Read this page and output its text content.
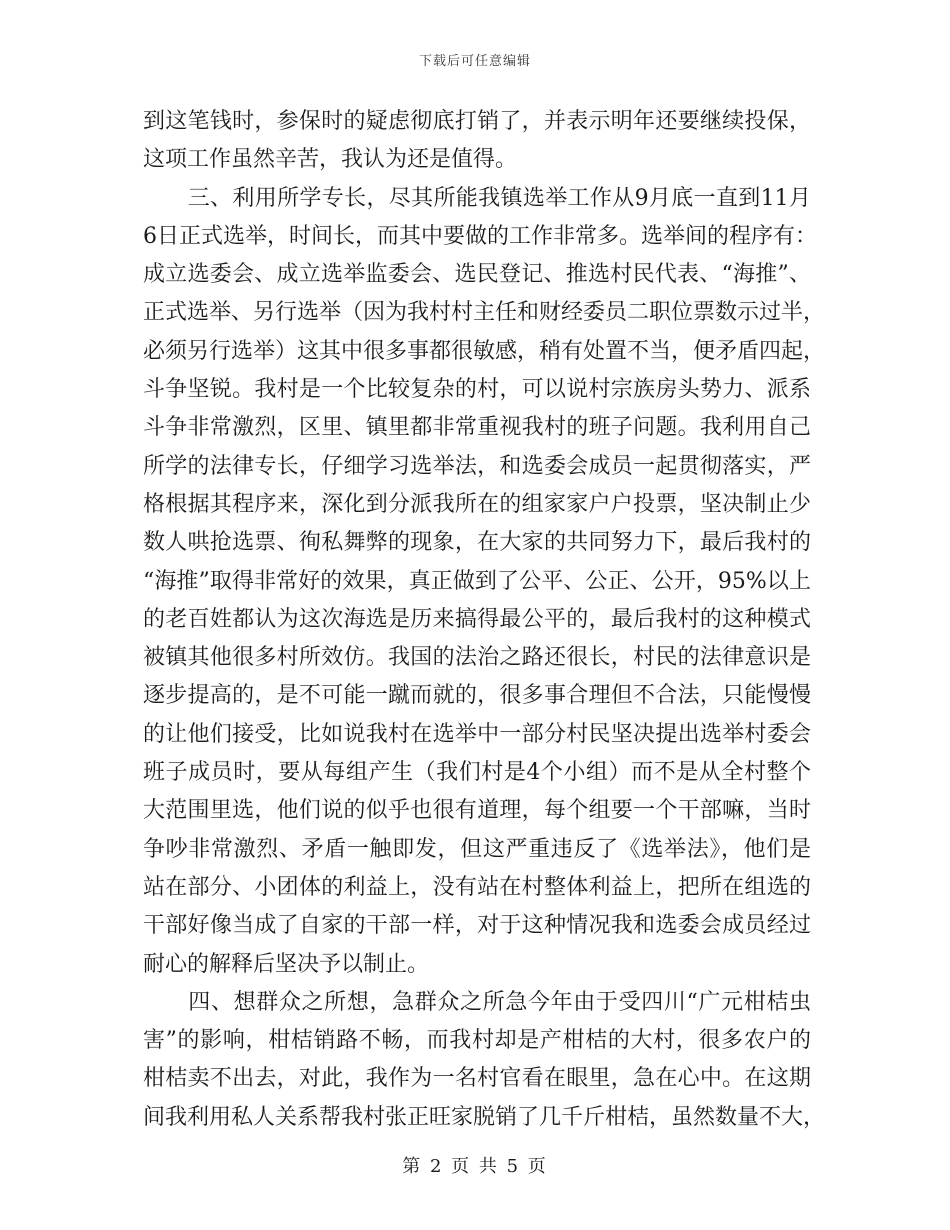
下载后可任意编辑
到这笔钱时，参保时的疑虑彻底打销了，并表示明年还要继续投保，
这项工作虽然辛苦，我认为还是值得。
　　三、利用所学专长，尽其所能我镇选举工作从9月底一直到11月
6日正式选举，时间长，而其中要做的工作非常多。选举间的程序有：
成立选委会、成立选举监委会、选民登记、推选村民代表、“海推”、
正式选举、另行选举（因为我村村主任和财经委员二职位票数示过半，
必须另行选举）这其中很多事都很敏感，稍有处置不当，便矛盾四起，
斗争坚锐。我村是一个比较复杂的村，可以说村宗族房头势力、派系
斗争非常激烈，区里、镇里都非常重视我村的班子问题。我利用自己
所学的法律专长，仔细学习选举法，和选委会成员一起贯彻落实，严
格根据其程序来，深化到分派我所在的组家家户户投票，坚决制止少
数人哄抢选票、徇私舞弊的现象，在大家的共同努力下，最后我村的
“海推”取得非常好的效果，真正做到了公平、公正、公开，95%以上
的老百姓都认为这次海选是历来搞得最公平的，最后我村的这种模式
被镇其他很多村所效仿。我国的法治之路还很长，村民的法律意识是
逐步提高的，是不可能一蹴而就的，很多事合理但不合法，只能慢慢
的让他们接受，比如说我村在选举中一部分村民坚决提出选举村委会
班子成员时，要从每组产生（我们村是4个小组）而不是从全村整个
大范围里选，他们说的似乎也很有道理，每个组要一个干部嘛，当时
争吵非常激烈、矛盾一触即发，但这严重违反了《选举法》，他们是
站在部分、小团体的利益上，没有站在村整体利益上，把所在组选的
干部好像当成了自家的干部一样，对于这种情况我和选委会成员经过
耐心的解释后坚决予以制止。
　　四、想群众之所想，急群众之所急今年由于受四川“广元柑桔虫
害”的影响，柑桔销路不畅，而我村却是产柑桔的大村，很多农户的
柑桔卖不出去，对此，我作为一名村官看在眼里，急在心中。在这期
间我利用私人关系帮我村张正旺家脱销了几千斤柑桔，虽然数量不大，
第 2 页 共 5 页
